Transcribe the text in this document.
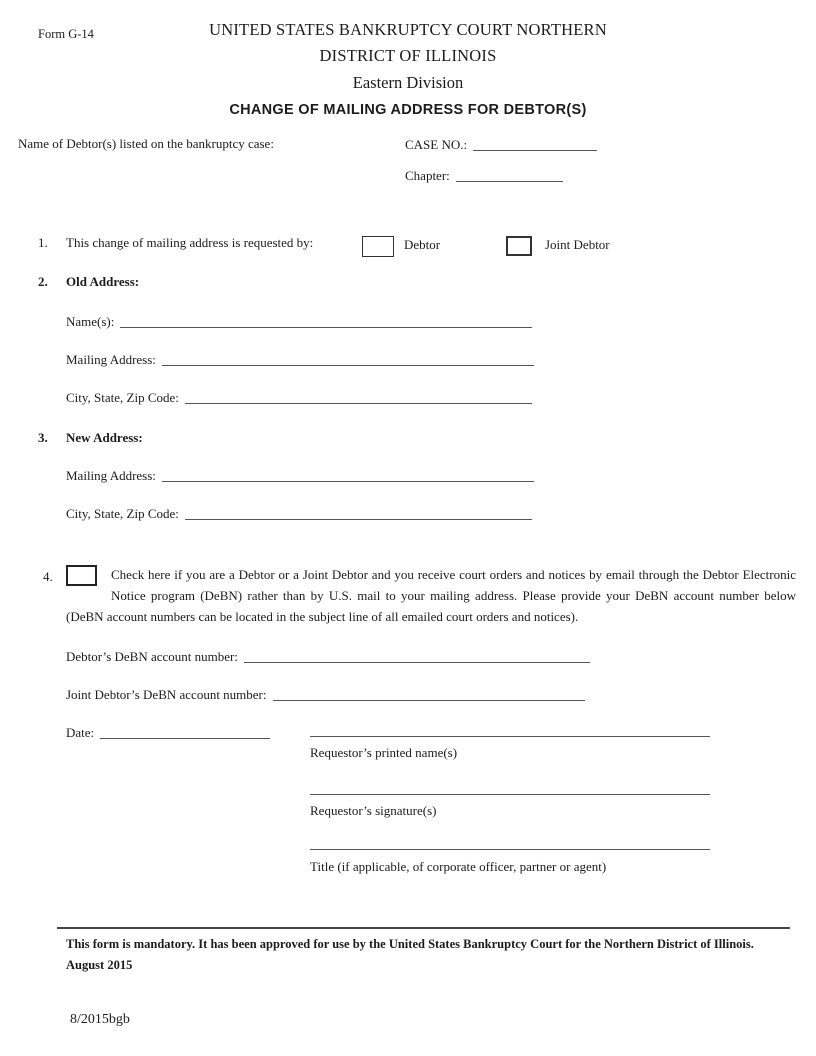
Form G-14	UNITED STATES BANKRUPTCY COURT NORTHERN
DISTRICT OF ILLINOIS
Eastern Division
CHANGE OF MAILING ADDRESS FOR DEBTOR(S)
Name of Debtor(s) listed on the bankruptcy case:	CASE NO.:
Chapter:
1. This change of mailing address is requested by:	Debtor	Joint Debtor
2. Old Address:
Name(s):
Mailing Address:
City, State, Zip Code:
3. New Address:
Mailing Address:
City, State, Zip Code:
4.	Check here if you are a Debtor or a Joint Debtor and you receive court orders and notices by email through the Debtor Electronic Notice program (DeBN) rather than by U.S. mail to your mailing address. Please provide your DeBN account number below (DeBN account numbers can be located in the subject line of all emailed court orders and notices).
Debtor’s DeBN account number:
Joint Debtor’s DeBN account number:
Date:
Requestor’s printed name(s)
Requestor’s signature(s)
Title (if applicable, of corporate officer, partner or agent)
This form is mandatory. It has been approved for use by the United States Bankruptcy Court for the Northern District of Illinois.
August 2015
8/2015bgb
